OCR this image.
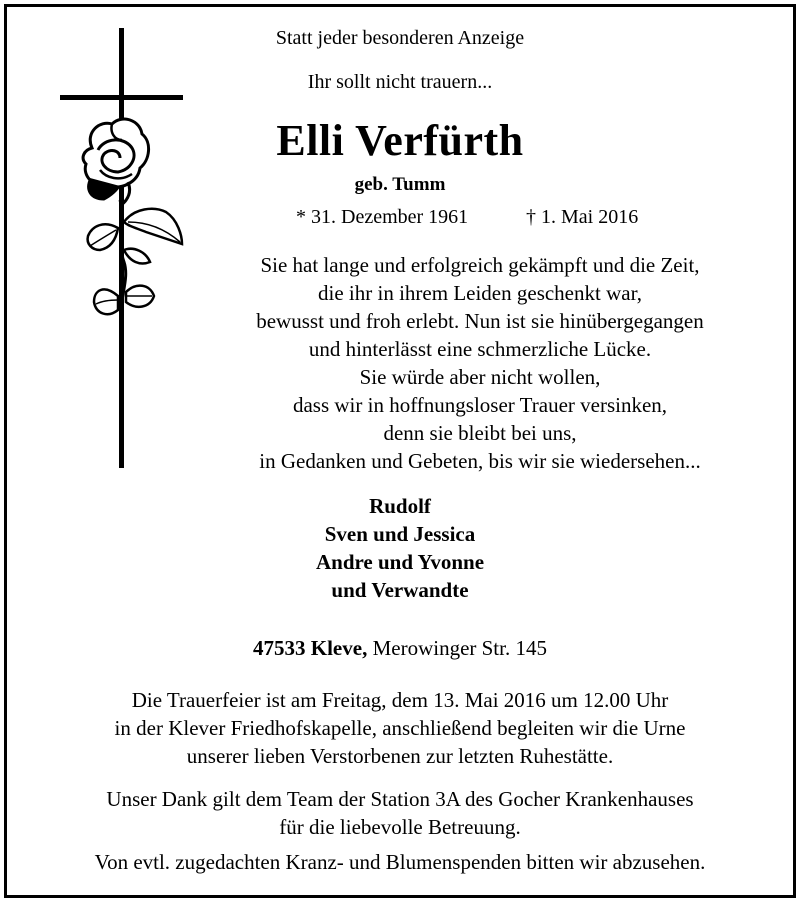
Statt jeder besonderen Anzeige
Ihr sollt nicht trauern...
Elli Verfürth
geb. Tumm
* 31. Dezember 1961	† 1. Mai 2016
Sie hat lange und erfolgreich gekämpft und die Zeit,
die ihr in ihrem Leiden geschenkt war,
bewusst und froh erlebt. Nun ist sie hinübergegangen
und hinterlässt eine schmerzliche Lücke.
Sie würde aber nicht wollen,
dass wir in hoffnungsloser Trauer versinken,
denn sie bleibt bei uns,
in Gedanken und Gebeten, bis wir sie wiedersehen...
Rudolf
Sven und Jessica
Andre und Yvonne
und Verwandte
47533 Kleve, Merowinger Str. 145
Die Trauerfeier ist am Freitag, dem 13. Mai 2016 um 12.00 Uhr
in der Klever Friedhofskapelle, anschließend begleiten wir die Urne
unserer lieben Verstorbenen zur letzten Ruhestätte.
Unser Dank gilt dem Team der Station 3A des Gocher Krankenhauses
für die liebevolle Betreuung.
Von evtl. zugedachten Kranz- und Blumenspenden bitten wir abzusehen.
